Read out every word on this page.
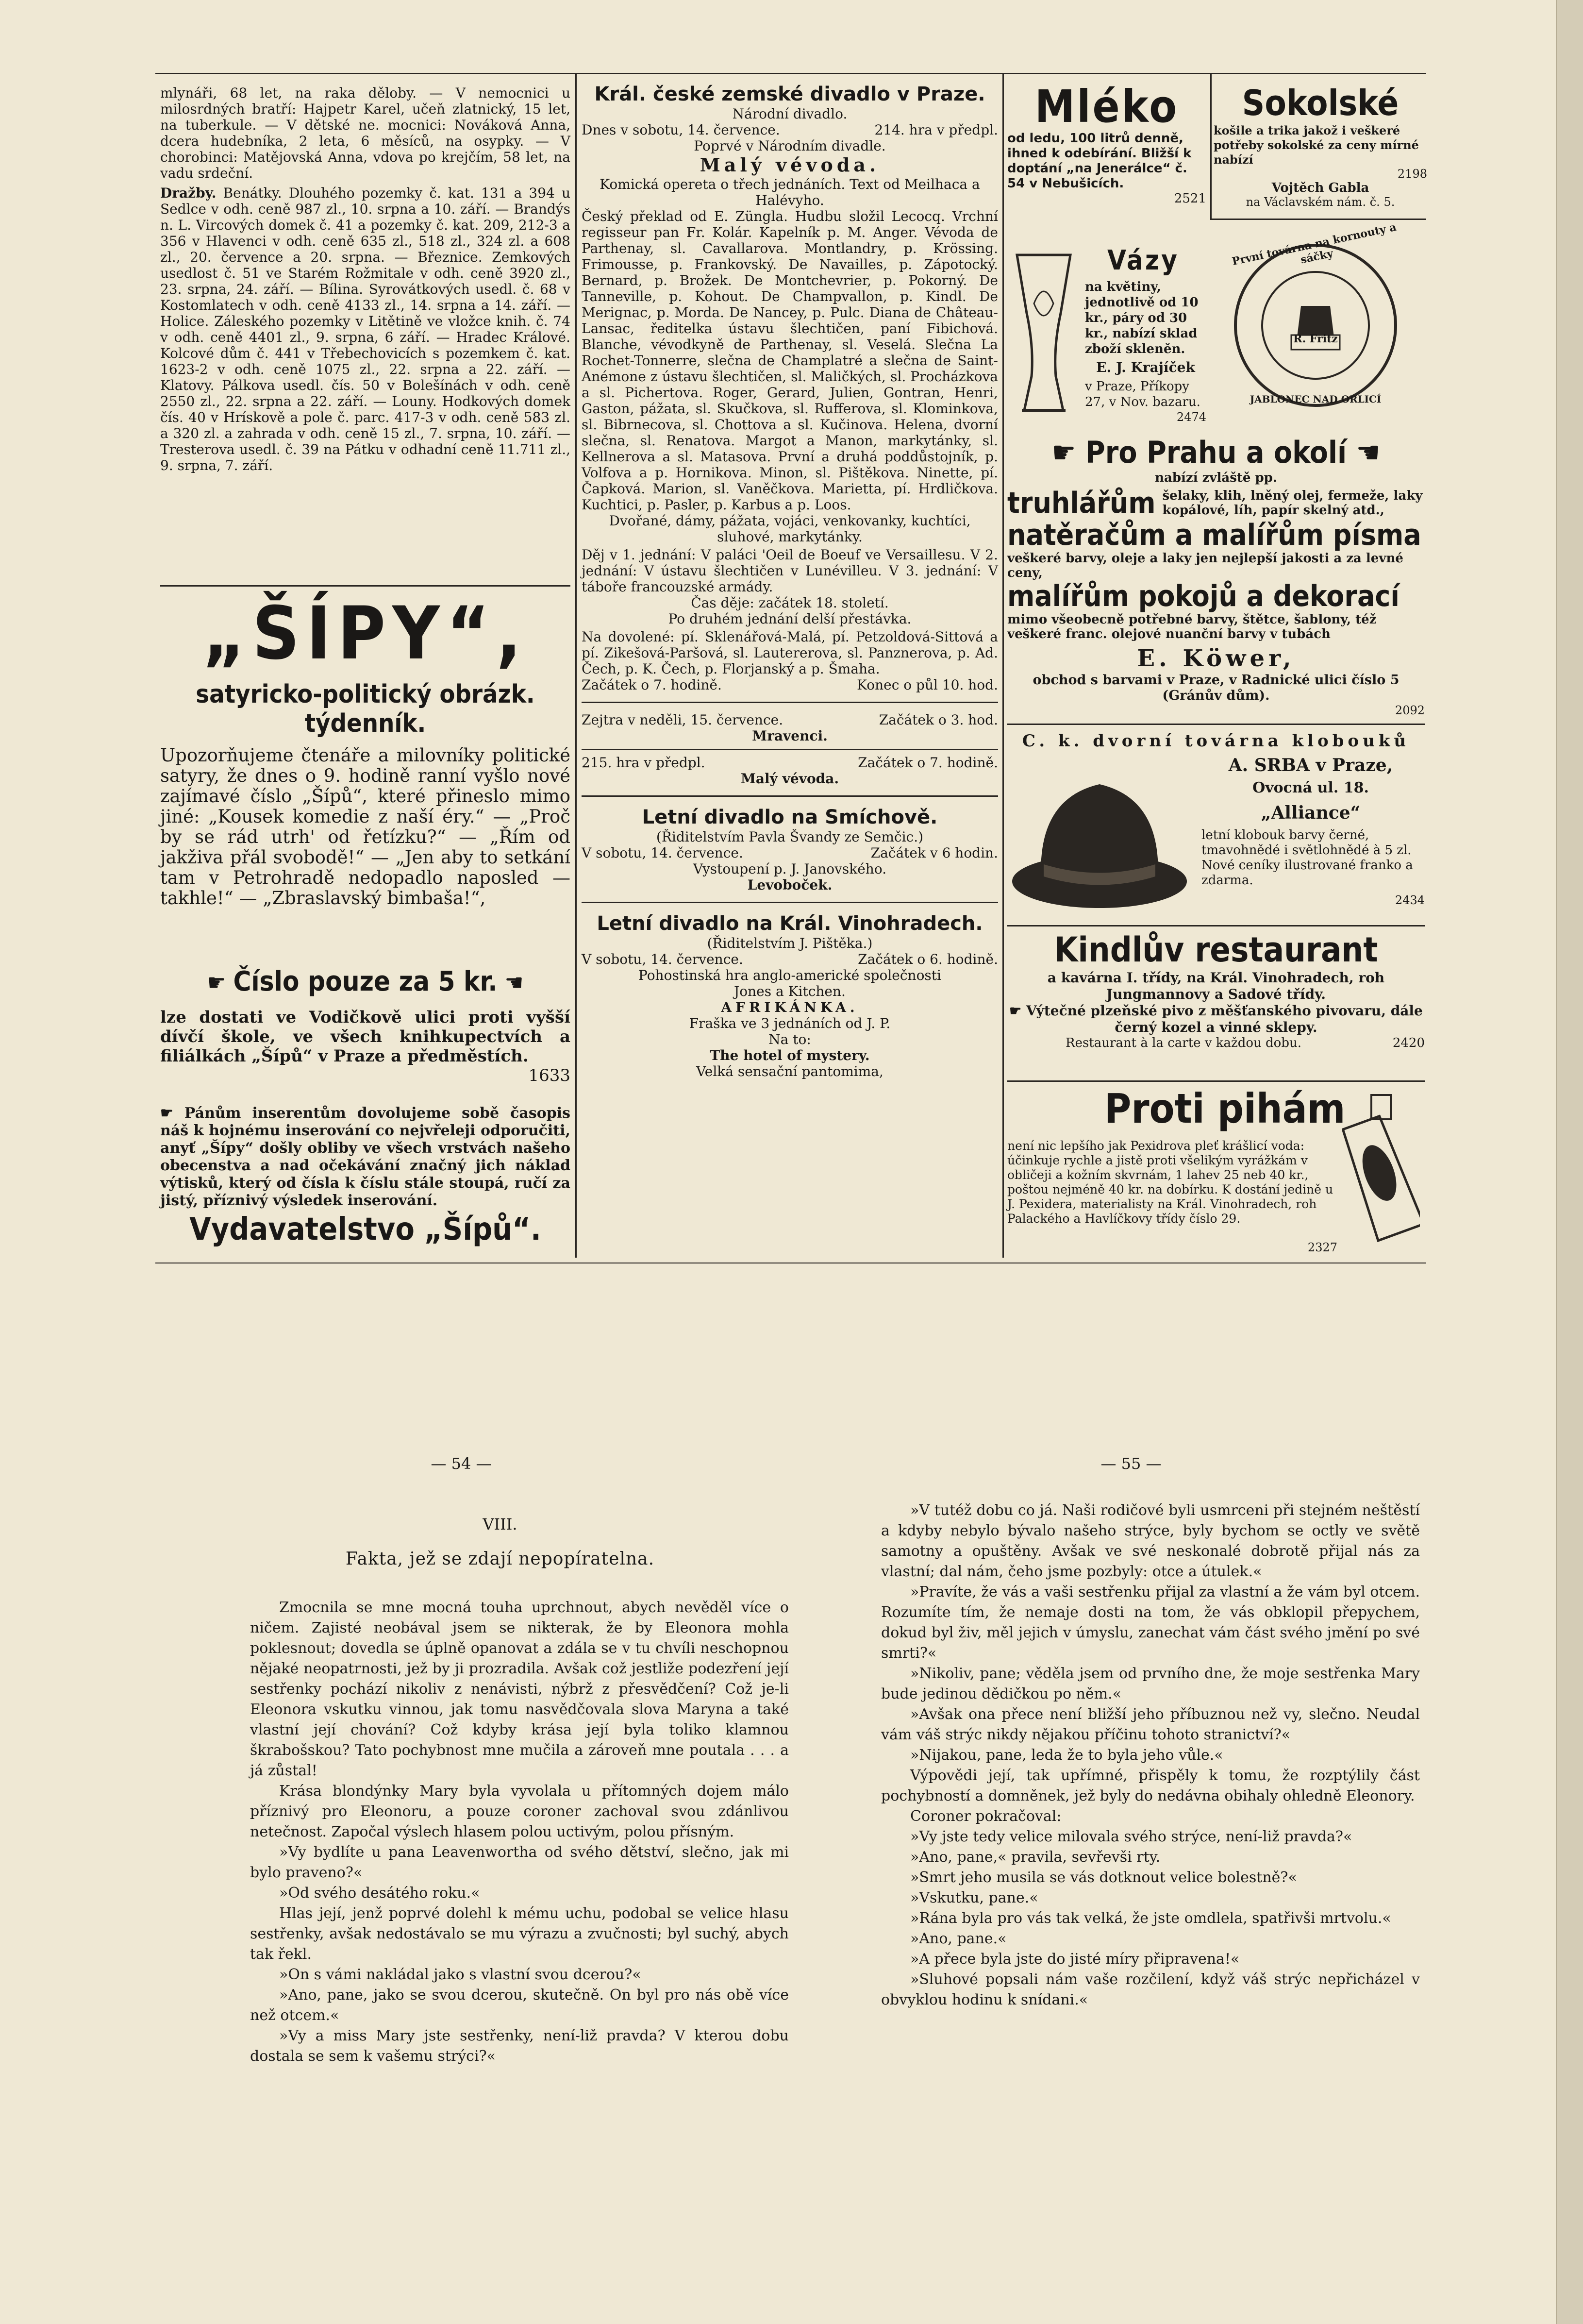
mlynáři, 68 let, na raka děloby. — V nemocnici u milosrdných bratří: Hajpetr Karel, učeň zlatnický, 15 let, na tuberkule. — V dětské ne. mocnici: Nováková Anna, dcera hudebníka, 2 leta, 6 měsíců, na osypky. — V chorobinci: Matějovská Anna, vdova po krejčím, 58 let, na vadu srdeční.

Dražby. Benátky. Dlouhého pozemky č. kat. 131 a 394 u Sedlce v odh. ceně 987 zl., 10. srpna a 10. září. — Brandýs n. L. Vircových domek č. 41 a pozemky č. kat. 209, 212-3 a 356 v Hlavenci v odh. ceně 635 zl., 518 zl., 324 zl. a 608 zl., 20. července a 20. srpna. — Březnice. Zemkových usedlost č. 51 ve Starém Rožmitale v odh. ceně 3920 zl., 23. srpna, 24. září. — Bílina. Syrovátkových usedl. č. 68 v Kostomlatech v odh. ceně 4133 zl., 14. srpna a 14. září. — Holice. Záleského pozemky v Litětině ve vložce knih. č. 74 v odh. ceně 4401 zl., 9. srpna, 6 září. — Hradec Králové. Kolcové dům č. 441 v Třebechovicích s pozemkem č. kat. 1623-2 v odh. ceně 1075 zl., 22. srpna a 22. září. — Klatovy. Pálkova usedl. čís. 50 v Bolešínách v odh. ceně 2550 zl., 22. srpna a 22. září. — Louny. Hodkových domek čís. 40 v Hrískově a pole č. parc. 417-3 v odh. ceně 583 zl. a 320 zl. a zahrada v odh. ceně 15 zl., 7. srpna, 10. září. — Tresterova usedl. č. 39 na Pátku v odhadní ceně 11.711 zl., 9. srpna, 7. září.

„ŠÍPY“,
satyricko-politický obrázk. týdenník.

Upozorňujeme čtenáře a milovníky politické satyry, že dnes o 9. hodině ranní vyšlo nové zajímavé číslo „Šípů“, které přineslo mimo jiné: „Kousek komedie z naší éry.“ — „Proč by se rád utrh' od řetízku?“ — „Řím od jakživa přál svobodě!“ — „Jen aby to setkání tam v Petrohradě nedopadlo naposled — takhle!“ — „Zbraslavský bimbaša!“,

☛ Číslo pouze za 5 kr. ☚

lze dostati ve Vodičkově ulici proti vyšší dívčí škole, ve všech knihkupectvích a filiálkách „Šípů“ v Praze a předměstích.
1633

☛ Pánům inserentům dovolujeme sobě časopis náš k hojnému inserování co nejvřeleji odporučiti, anyť „Šípy“ došly obliby ve všech vrstvách našeho obecenstva a nad očekávání značný jich náklad výtisků, který od čísla k číslu stále stoupá, ručí za jistý, příznivý výsledek inserování.

Vydavatelstvo „Šípů“.
Král. české zemské divadlo v Praze.
Národní divadlo.

Dnes v sobotu, 14. července.	214. hra v předpl.

Poprvé v Národním divadle.
Malý vévoda.
Komická opereta o třech jednáních. Text od Meilhaca a Halévyho.

Český překlad od E. Züngla. Hudbu složil Lecocq. Vrchní regisseur pan Fr. Kolár. Kapelník p. M. Anger. Vévoda de Parthenay, sl. Cavallarova. Montlandry, p. Krössing. Frimousse, p. Frankovský. De Navailles, p. Zápotocký. Bernard, p. Brožek. De Montchevrier, p. Pokorný. De Tanneville, p. Kohout. De Champvallon, p. Kindl. De Merignac, p. Morda. De Nancey, p. Pulc. Diana de Château-Lansac, ředitelka ústavu šlechtičen, paní Fibichová. Blanche, vévodkyně de Parthenay, sl. Veselá. Slečna La Rochet-Tonnerre, slečna de Champlatré a slečna de Saint-Anémone z ústavu šlechtičen, sl. Maličkých, sl. Procházkova a sl. Pichertova. Roger, Gerard, Julien, Gontran, Henri, Gaston, pážata, sl. Skučkova, sl. Rufferova, sl. Klominkova, sl. Bibrnecova, sl. Chottova a sl. Kučinova. Helena, dvorní slečna, sl. Renatova. Margot a Manon, markytánky, sl. Kellnerova a sl. Matasova. První a druhá poddůstojník, p. Volfova a p. Hornikova. Minon, sl. Pištěkova. Ninette, pí. Čapková. Marion, sl. Vaněčkova. Marietta, pí. Hrdličkova. Kuchtici, p. Pasler, p. Karbus a p. Loos.

Dvořané, dámy, pážata, vojáci, venkovanky, kuchtíci, sluhové, markytánky.

Děj v 1. jednání: V paláci 'Oeil de Boeuf ve Versaillesu. V 2. jednání: V ústavu šlechtičen v Lunévilleu. V 3. jednání: V táboře francouzské armády.

Čas děje: začátek 18. století.
Po druhém jednání delší přestávka.

Na dovolené: pí. Sklenářová-Malá, pí. Petzoldová-Sittová a pí. Zikešová-Paršová, sl. Lautererova, sl. Panznerova, p. Ad. Čech, p. K. Čech, p. Florjanský a p. Šmaha.

Začátek o 7. hodině.	Konec o půl 10. hod.

Zejtra v neděli, 15. července.	Začátek o 3. hod.

Mravenci.

215. hra v předpl.	Začátek o 7. hodině.

Malý vévoda.
Letní divadlo na Smíchově.
(Řiditelstvím Pavla Švandy ze Semčic.)

V sobotu, 14. července.	Začátek v 6 hodin.

Vystoupení p. J. Janovského.
Levoboček.
Letní divadlo na Král. Vinohradech.
(Řiditelstvím J. Pištěka.)

V sobotu, 14. července.	Začátek o 6. hodině.

Pohostinská hra anglo-americké společnosti
Jones a Kitchen.
AFRIKÁNKA.
Fraška ve 3 jednáních od J. P.
Na to:
The hotel of mystery.
Velká sensační pantomima,
Mléko
od ledu, 100 litrů denně, ihned k odebírání. Bližší k doptání „na Jenerálce“ č. 54 v Nebušicích.
2521
Sokolské
košile a trika jakož i veškeré potřeby sokolské za ceny mírné nabízí
2198
Vojtěch Gabla
na Václavském nám. č. 5.
Vázy
na květiny, jednotlivě od 10 kr., páry od 30 kr., nabízí sklad zboží skleněn.
E. J. Krajíček
v Praze, Příkopy 27, v Nov. bazaru.
2474
První továrna na kornouty a sáčky
R. Fritz
JABLONEC NAD ORLICÍ
☛ Pro Prahu a okolí ☚
nabízí zvláště pp.
truhlářům šelaky, klih, lněný olej, fermeže, laky kopálové, líh, papír skelný atd.,
natěračům a malířům písma
veškeré barvy, oleje a laky jen nejlepší jakosti a za levné ceny,
malířům pokojů a dekorací
mimo všeobecně potřebné barvy, štětce, šablony, též veškeré franc. olejové nuanční barvy v tubách
E. Köwer,
obchod s barvami v Praze, v Radnické ulici číslo 5 (Gránův dům).
2092
C. k. dvorní továrna klobouků
A. SRBA v Praze,
Ovocná ul. 18.
„Alliance“
letní klobouk barvy černé, tmavohnědé i světlohnědé à 5 zl. Nové ceníky ilustrované franko a zdarma.
2434
Kindlův restaurant
a kavárna I. třídy, na Král. Vinohradech, roh Jungmannovy a Sadové třídy.
☛ Výtečné plzeňské pivo z měšťanského pivovaru, dále černý kozel a vinné sklepy.
Restaurant à la carte v každou dobu.	2420
Proti pihám
není nic lepšího jak Pexidrova pleť krášlicí voda: účinkuje rychle a jistě proti všelikým vyrážkám v obličeji a kožním skvrnám, 1 lahev 25 neb 40 kr., poštou nejméně 40 kr. na dobírku. K dostání jedině u J. Pexidera, materialisty na Král. Vinohradech, roh Palackého a Havlíčkovy třídy číslo 29.
2327
— 54 —	— 55 —
VIII.
Fakta, jež se zdají nepopíratelna.

Zmocnila se mne mocná touha uprchnout, abych nevěděl více o ničem. Zajisté neobával jsem se nikterak, že by Eleonora mohla poklesnout; dovedla se úplně opanovat a zdála se v tu chvíli neschopnou nějaké neopatrnosti, jež by ji prozradila. Avšak což jestliže podezření její sestřenky pochází nikoliv z nenávisti, nýbrž z přesvědčení? Což je-li Eleonora vskutku vinnou, jak tomu nasvědčovala slova Maryna a také vlastní její chování? Což kdyby krása její byla toliko klamnou škrabošskou? Tato pochybnost mne mučila a zároveň mne poutala . . . a já zůstal!

Krása blondýnky Mary byla vyvolala u přítomných dojem málo příznivý pro Eleonoru, a pouze coroner zachoval svou zdánlivou netečnost. Započal výslech hlasem polou uctivým, polou přísným.

»Vy bydlíte u pana Leavenwortha od svého dětství, slečno, jak mi bylo praveno?«

»Od svého desátého roku.«

Hlas její, jenž poprvé dolehl k mému uchu, podobal se velice hlasu sestřenky, avšak nedostávalo se mu výrazu a zvučnosti; byl suchý, abych tak řekl.

»On s vámi nakládal jako s vlastní svou dcerou?«

»Ano, pane, jako se svou dcerou, skutečně. On byl pro nás obě více než otcem.«

»Vy a miss Mary jste sestřenky, není-liž pravda? V kterou dobu dostala se sem k vašemu strýci?«

»V tutéž dobu co já. Naši rodičové byli usmrceni při stejném neštěstí a kdyby nebylo bývalo našeho strýce, byly bychom se octly ve světě samotny a opuštěny. Avšak ve své neskonalé dobrotě přijal nás za vlastní; dal nám, čeho jsme pozbyly: otce a útulek.«

»Pravíte, že vás a vaši sestřenku přijal za vlastní a že vám byl otcem. Rozumíte tím, že nemaje dosti na tom, že vás obklopil přepychem, dokud byl živ, měl jejich v úmyslu, zanechat vám část svého jmění po své smrti?«

»Nikoliv, pane; věděla jsem od prvního dne, že moje sestřenka Mary bude jedinou dědičkou po něm.«

»Avšak ona přece není bližší jeho příbuznou než vy, slečno. Neudal vám váš strýc nikdy nějakou příčinu tohoto stranictví?«

»Nijakou, pane, leda že to byla jeho vůle.«

Výpovědi její, tak upřímné, přispěly k tomu, že rozptýlily část pochybností a domněnek, jež byly do nedávna obihaly ohledně Eleonory.

Coroner pokračoval:

»Vy jste tedy velice milovala svého strýce, není-liž pravda?«

»Ano, pane,« pravila, sevřevši rty.

»Smrt jeho musila se vás dotknout velice bolestně?«

»Vskutku, pane.«

»Rána byla pro vás tak velká, že jste omdlela, spatřivši mrtvolu.«

»Ano, pane.«

»A přece byla jste do jisté míry připravena!«

»Sluhové popsali nám vaše rozčilení, když váš strýc nepřicházel v obvyklou hodinu k snídani.«
